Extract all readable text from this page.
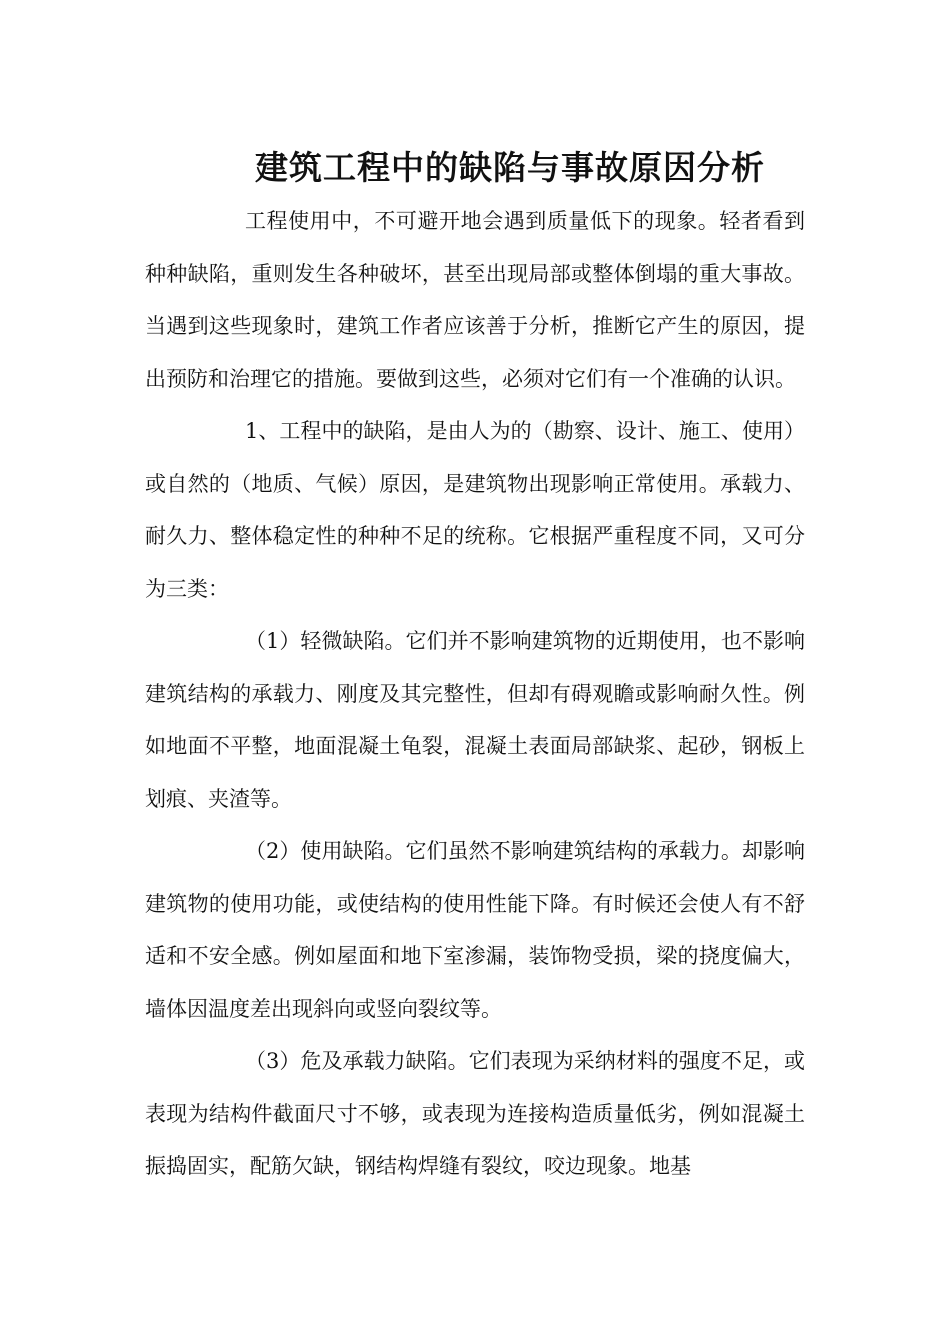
建筑工程中的缺陷与事故原因分析

工程使用中，不可避开地会遇到质量低下的现象。轻者看到种种缺陷，重则发生各种破坏，甚至出现局部或整体倒塌的重大事故。当遇到这些现象时，建筑工作者应该善于分析，推断它产生的原因，提出预防和治理它的措施。要做到这些，必须对它们有一个准确的认识。

1、工程中的缺陷，是由人为的（勘察、设计、施工、使用）或自然的（地质、气候）原因，是建筑物出现影响正常使用。承载力、耐久力、整体稳定性的种种不足的统称。它根据严重程度不同，又可分为三类：

（1）轻微缺陷。它们并不影响建筑物的近期使用，也不影响建筑结构的承载力、刚度及其完整性，但却有碍观瞻或影响耐久性。例如地面不平整，地面混凝土龟裂，混凝土表面局部缺浆、起砂，钢板上划痕、夹渣等。

（2）使用缺陷。它们虽然不影响建筑结构的承载力。却影响建筑物的使用功能，或使结构的使用性能下降。有时候还会使人有不舒适和不安全感。例如屋面和地下室渗漏，装饰物受损，梁的挠度偏大，墙体因温度差出现斜向或竖向裂纹等。

（3）危及承载力缺陷。它们表现为采纳材料的强度不足，或表现为结构件截面尺寸不够，或表现为连接构造质量低劣，例如混凝土振捣固实，配筋欠缺，钢结构焊缝有裂纹，咬边现象。地基
